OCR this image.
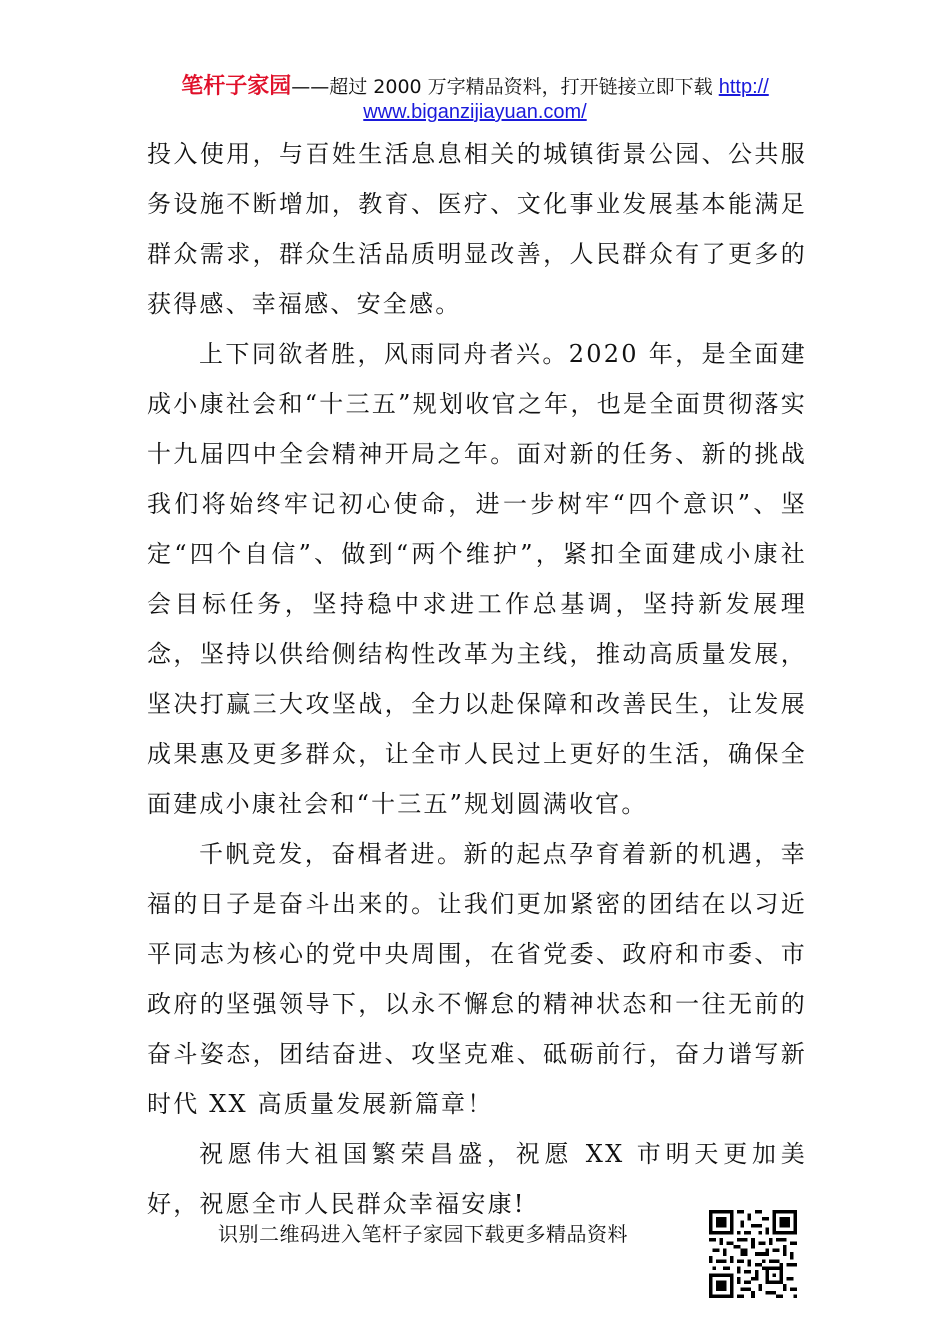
笔杆子家园——超过 2000 万字精品资料，打开链接立即下载 http://
www.biganzijiayuan.com/

投入使用，与百姓生活息息相关的城镇街景公园、公共服务设施不断增加，教育、医疗、文化事业发展基本能满足群众需求，群众生活品质明显改善，人民群众有了更多的获得感、幸福感、安全感。

上下同欲者胜，风雨同舟者兴。2020 年，是全面建成小康社会和“十三五”规划收官之年，也是全面贯彻落实十九届四中全会精神开局之年。面对新的任务、新的挑战我们将始终牢记初心使命，进一步树牢“四个意识”、坚定“四个自信”、做到“两个维护”，紧扣全面建成小康社会目标任务，坚持稳中求进工作总基调，坚持新发展理念，坚持以供给侧结构性改革为主线，推动高质量发展，坚决打赢三大攻坚战，全力以赴保障和改善民生，让发展成果惠及更多群众，让全市人民过上更好的生活，确保全面建成小康社会和“十三五”规划圆满收官。

千帆竞发，奋楫者进。新的起点孕育着新的机遇，幸福的日子是奋斗出来的。让我们更加紧密的团结在以习近平同志为核心的党中央周围，在省党委、政府和市委、市政府的坚强领导下，以永不懈怠的精神状态和一往无前的奋斗姿态，团结奋进、攻坚克难、砥砺前行，奋力谱写新时代 XX 高质量发展新篇章！

祝愿伟大祖国繁荣昌盛，祝愿 XX 市明天更加美好，祝愿全市人民群众幸福安康!

识别二维码进入笔杆子家园下载更多精品资料
